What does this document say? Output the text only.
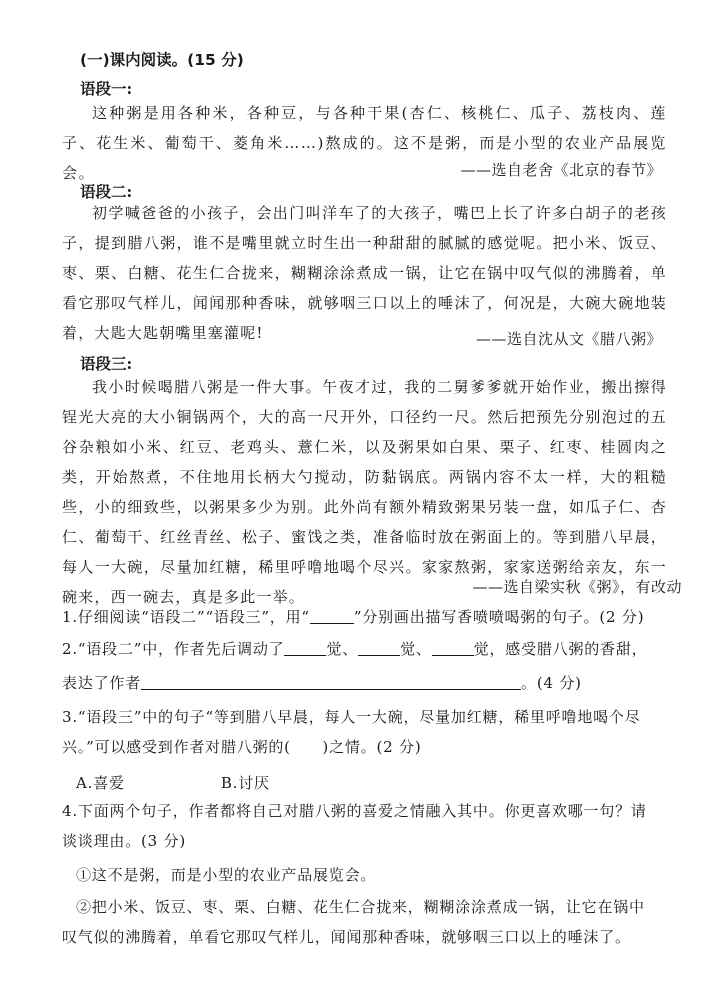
(一)课内阅读。(15 分)
语段一:

这种粥是用各种米，各种豆，与各种干果(杏仁、核桃仁、瓜子、荔枝肉、莲子、花生米、葡萄干、菱角米……)熬成的。这不是粥，而是小型的农业产品展览会。	——选自老舍《北京的春节》
语段二:

初学喊爸爸的小孩子，会出门叫洋车了的大孩子，嘴巴上长了许多白胡子的老孩子，提到腊八粥，谁不是嘴里就立时生出一种甜甜的腻腻的感觉呢。把小米、饭豆、枣、栗、白糖、花生仁合拢来，糊糊涂涂煮成一锅，让它在锅中叹气似的沸腾着，单看它那叹气样儿，闻闻那种香味，就够咽三口以上的唾沫了，何况是，大碗大碗地装着，大匙大匙朝嘴里塞灌呢!	——选自沈从文《腊八粥》
语段三:

我小时候喝腊八粥是一件大事。午夜才过，我的二舅爹爹就开始作业，搬出擦得锃光大亮的大小铜锅两个，大的高一尺开外，口径约一尺。然后把预先分别泡过的五谷杂粮如小米、红豆、老鸡头、薏仁米，以及粥果如白果、栗子、红枣、桂圆肉之类，开始熬煮，不住地用长柄大勺搅动，防黏锅底。两锅内容不太一样，大的粗糙些，小的细致些，以粥果多少为别。此外尚有额外精致粥果另装一盘，如瓜子仁、杏仁、葡萄干、红丝青丝、松子、蜜饯之类，准备临时放在粥面上的。等到腊八早晨，每人一大碗，尽量加红糖，稀里呼噜地喝个尽兴。家家熬粥，家家送粥给亲友，东一碗来，西一碗去，真是多此一举。

——选自梁实秋《粥》，有改动
1.仔细阅读“语段二”“语段三”，用“	”分别画出描写香喷喷喝粥的句子。(2 分)
2.“语段二”中，作者先后调动了	觉、	觉、	觉，感受腊八粥的香甜，
表达了作者	。(4 分)
3.“语段三”中的句子“等到腊八早晨，每人一大碗，尽量加红糖，稀里呼噜地喝个尽
兴。”可以感受到作者对腊八粥的(　　)之情。(2 分)
A.喜爱	B.讨厌
4.下面两个句子，作者都将自己对腊八粥的喜爱之情融入其中。你更喜欢哪一句？请
谈谈理由。(3 分)
①这不是粥，而是小型的农业产品展览会。
②把小米、饭豆、枣、栗、白糖、花生仁合拢来，糊糊涂涂煮成一锅，让它在锅中
叹气似的沸腾着，单看它那叹气样儿，闻闻那种香味，就够咽三口以上的唾沫了。
